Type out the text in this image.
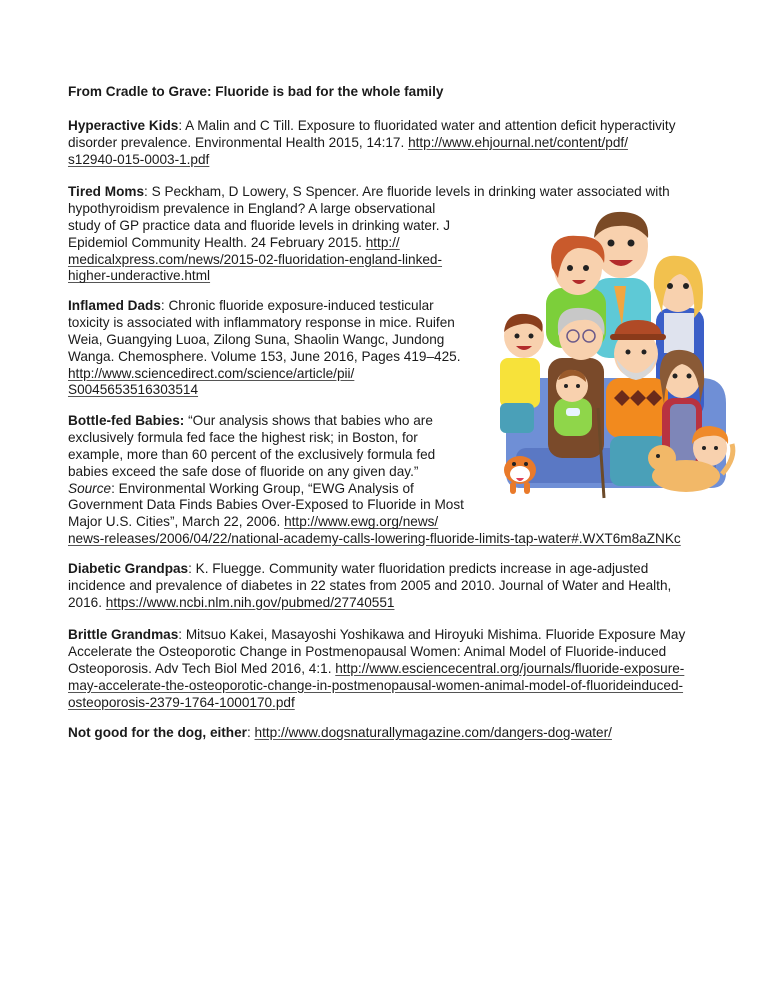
From Cradle to Grave: Fluoride is bad for the whole family
Hyperactive Kids: A Malin and C Till. Exposure to fluoridated water and attention deficit hyperactivity
disorder prevalence. Environmental Health 2015, 14:17. http://www.ehjournal.net/content/pdf/
s12940-015-0003-1.pdf
Tired Moms: S Peckham, D Lowery, S Spencer. Are fluoride levels in drinking water associated with
hypothyroidism prevalence in England? A large observational
study of GP practice data and fluoride levels in drinking water. J
Epidemiol Community Health. 24 February 2015. http://
medicalxpress.com/news/2015-02-fluoridation-england-linked-
higher-underactive.html
Inflamed Dads: Chronic fluoride exposure-induced testicular
toxicity is associated with inflammatory response in mice. Ruifen
Weia, Guangying Luoa, Zilong Suna, Shaolin Wangc, Jundong
Wanga. Chemosphere. Volume 153, June 2016, Pages 419–425.
http://www.sciencedirect.com/science/article/pii/
S0045653516303514
Bottle-fed Babies: “Our analysis shows that babies who are
exclusively formula fed face the highest risk; in Boston, for
example, more than 60 percent of the exclusively formula fed
babies exceed the safe dose of fluoride on any given day.”
Source: Environmental Working Group, “EWG Analysis of
Government Data Finds Babies Over-Exposed to Fluoride in Most
Major U.S. Cities”, March 22, 2006. http://www.ewg.org/news/
news-releases/2006/04/22/national-academy-calls-lowering-fluoride-limits-tap-water#.WXT6m8aZNKc
Diabetic Grandpas: K. Fluegge. Community water fluoridation predicts increase in age-adjusted
incidence and prevalence of diabetes in 22 states from 2005 and 2010. Journal of Water and Health,
2016. https://www.ncbi.nlm.nih.gov/pubmed/27740551
Brittle Grandmas: Mitsuo Kakei, Masayoshi Yoshikawa and Hiroyuki Mishima. Fluoride Exposure May
Accelerate the Osteoporotic Change in Postmenopausal Women: Animal Model of Fluoride-induced
Osteoporosis. Adv Tech Biol Med 2016, 4:1. http://www.esciencecentral.org/journals/fluoride-exposure-
may-accelerate-the-osteoporotic-change-in-postmenopausal-women-animal-model-of-fluorideinduced-
osteoporosis-2379-1764-1000170.pdf
Not good for the dog, either: http://www.dogsnaturallymagazine.com/dangers-dog-water/
